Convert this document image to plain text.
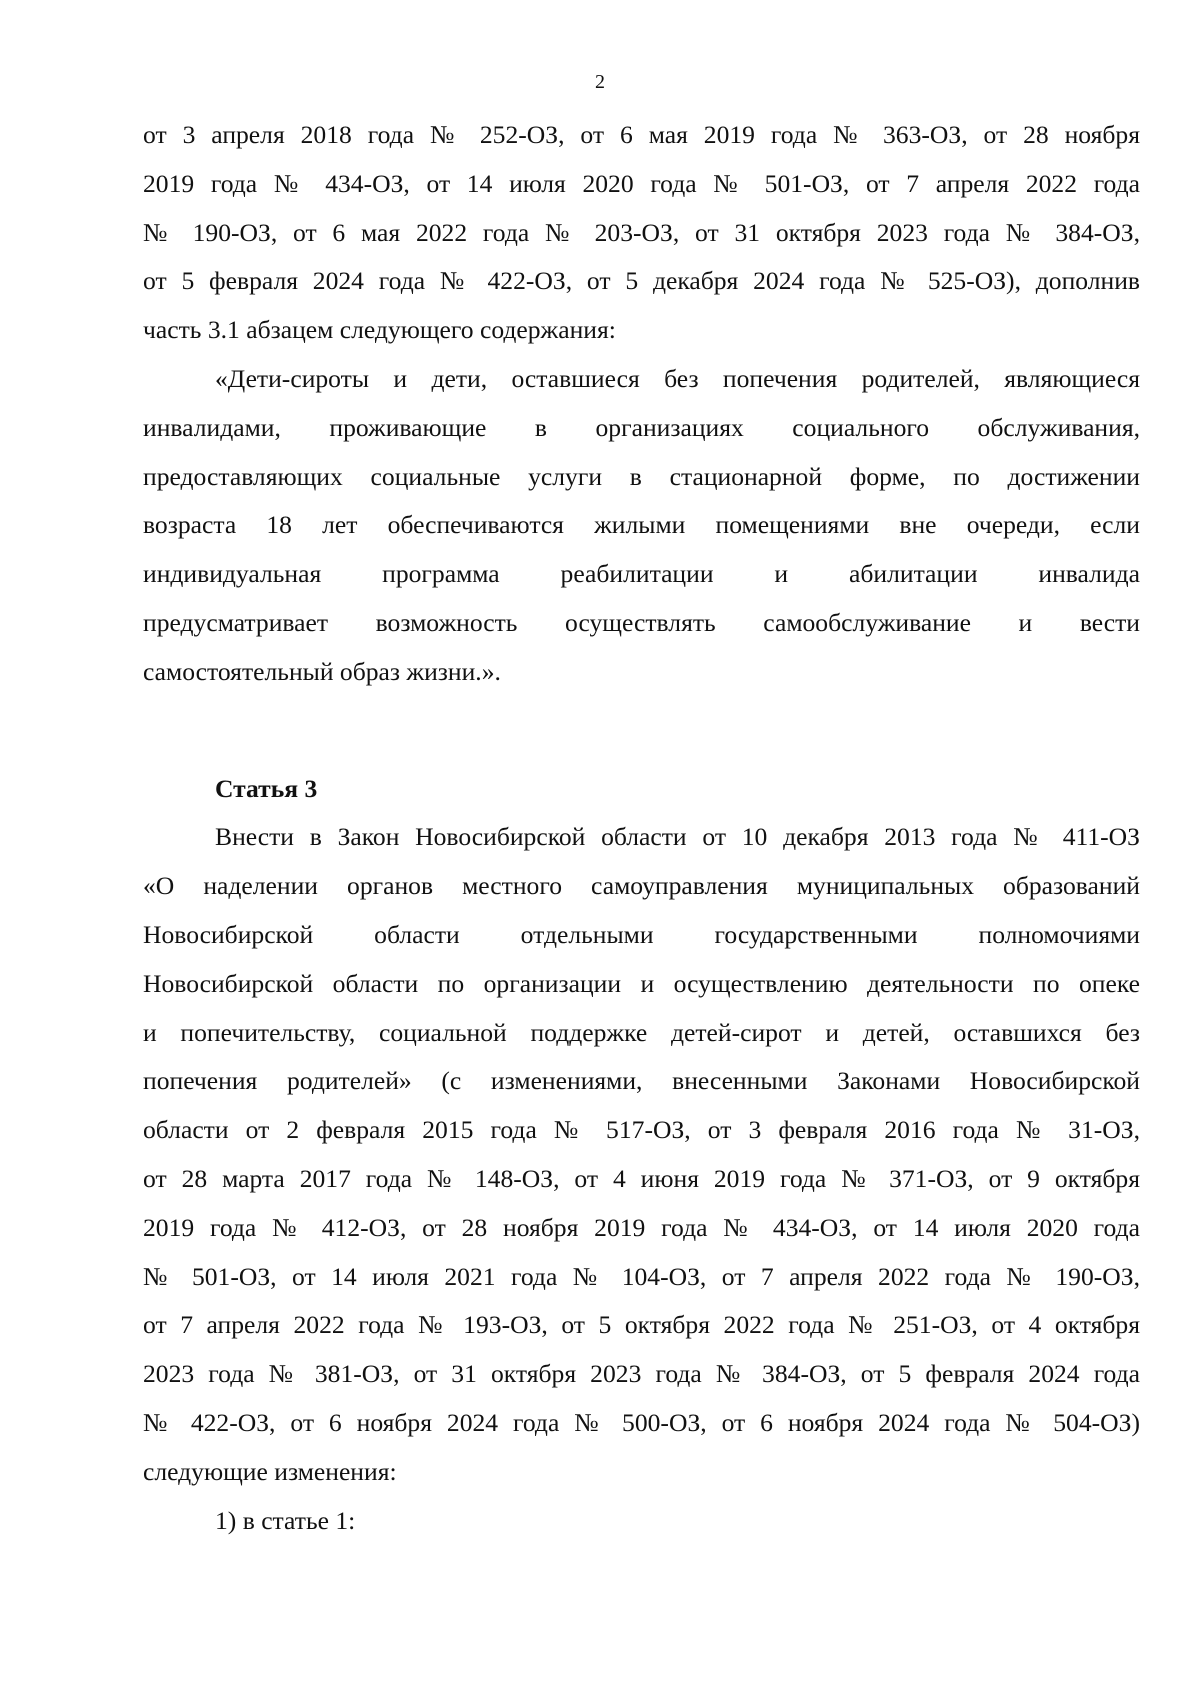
2

от 3 апреля 2018 года № 252-ОЗ, от 6 мая 2019 года № 363-ОЗ, от 28 ноября

2019 года № 434-ОЗ, от 14 июля 2020 года № 501-ОЗ, от 7 апреля 2022 года

№ 190-ОЗ, от 6 мая 2022 года № 203-ОЗ, от 31 октября 2023 года № 384-ОЗ,

от 5 февраля 2024 года № 422-ОЗ, от 5 декабря 2024 года № 525-ОЗ), дополнив

часть 3.1 абзацем следующего содержания:

«Дети-сироты и дети, оставшиеся без попечения родителей, являющиеся

инвалидами, проживающие в организациях социального обслуживания,

предоставляющих социальные услуги в стационарной форме, по достижении

возраста 18 лет обеспечиваются жилыми помещениями вне очереди, если

индивидуальная программа реабилитации и абилитации инвалида

предусматривает возможность осуществлять самообслуживание и вести

самостоятельный образ жизни.».

Статья 3

Внести в Закон Новосибирской области от 10 декабря 2013 года № 411-ОЗ

«О наделении органов местного самоуправления муниципальных образований

Новосибирской области отдельными государственными полномочиями

Новосибирской области по организации и осуществлению деятельности по опеке

и попечительству, социальной поддержке детей-сирот и детей, оставшихся без

попечения родителей» (с изменениями, внесенными Законами Новосибирской

области от 2 февраля 2015 года № 517-ОЗ, от 3 февраля 2016 года № 31-ОЗ,

от 28 марта 2017 года № 148-ОЗ, от 4 июня 2019 года № 371-ОЗ, от 9 октября

2019 года № 412-ОЗ, от 28 ноября 2019 года № 434-ОЗ, от 14 июля 2020 года

№ 501-ОЗ, от 14 июля 2021 года № 104-ОЗ, от 7 апреля 2022 года № 190-ОЗ,

от 7 апреля 2022 года № 193-ОЗ, от 5 октября 2022 года № 251-ОЗ, от 4 октября

2023 года № 381-ОЗ, от 31 октября 2023 года № 384-ОЗ, от 5 февраля 2024 года

№ 422-ОЗ, от 6 ноября 2024 года № 500-ОЗ, от 6 ноября 2024 года № 504-ОЗ)

следующие изменения:

1) в статье 1:
